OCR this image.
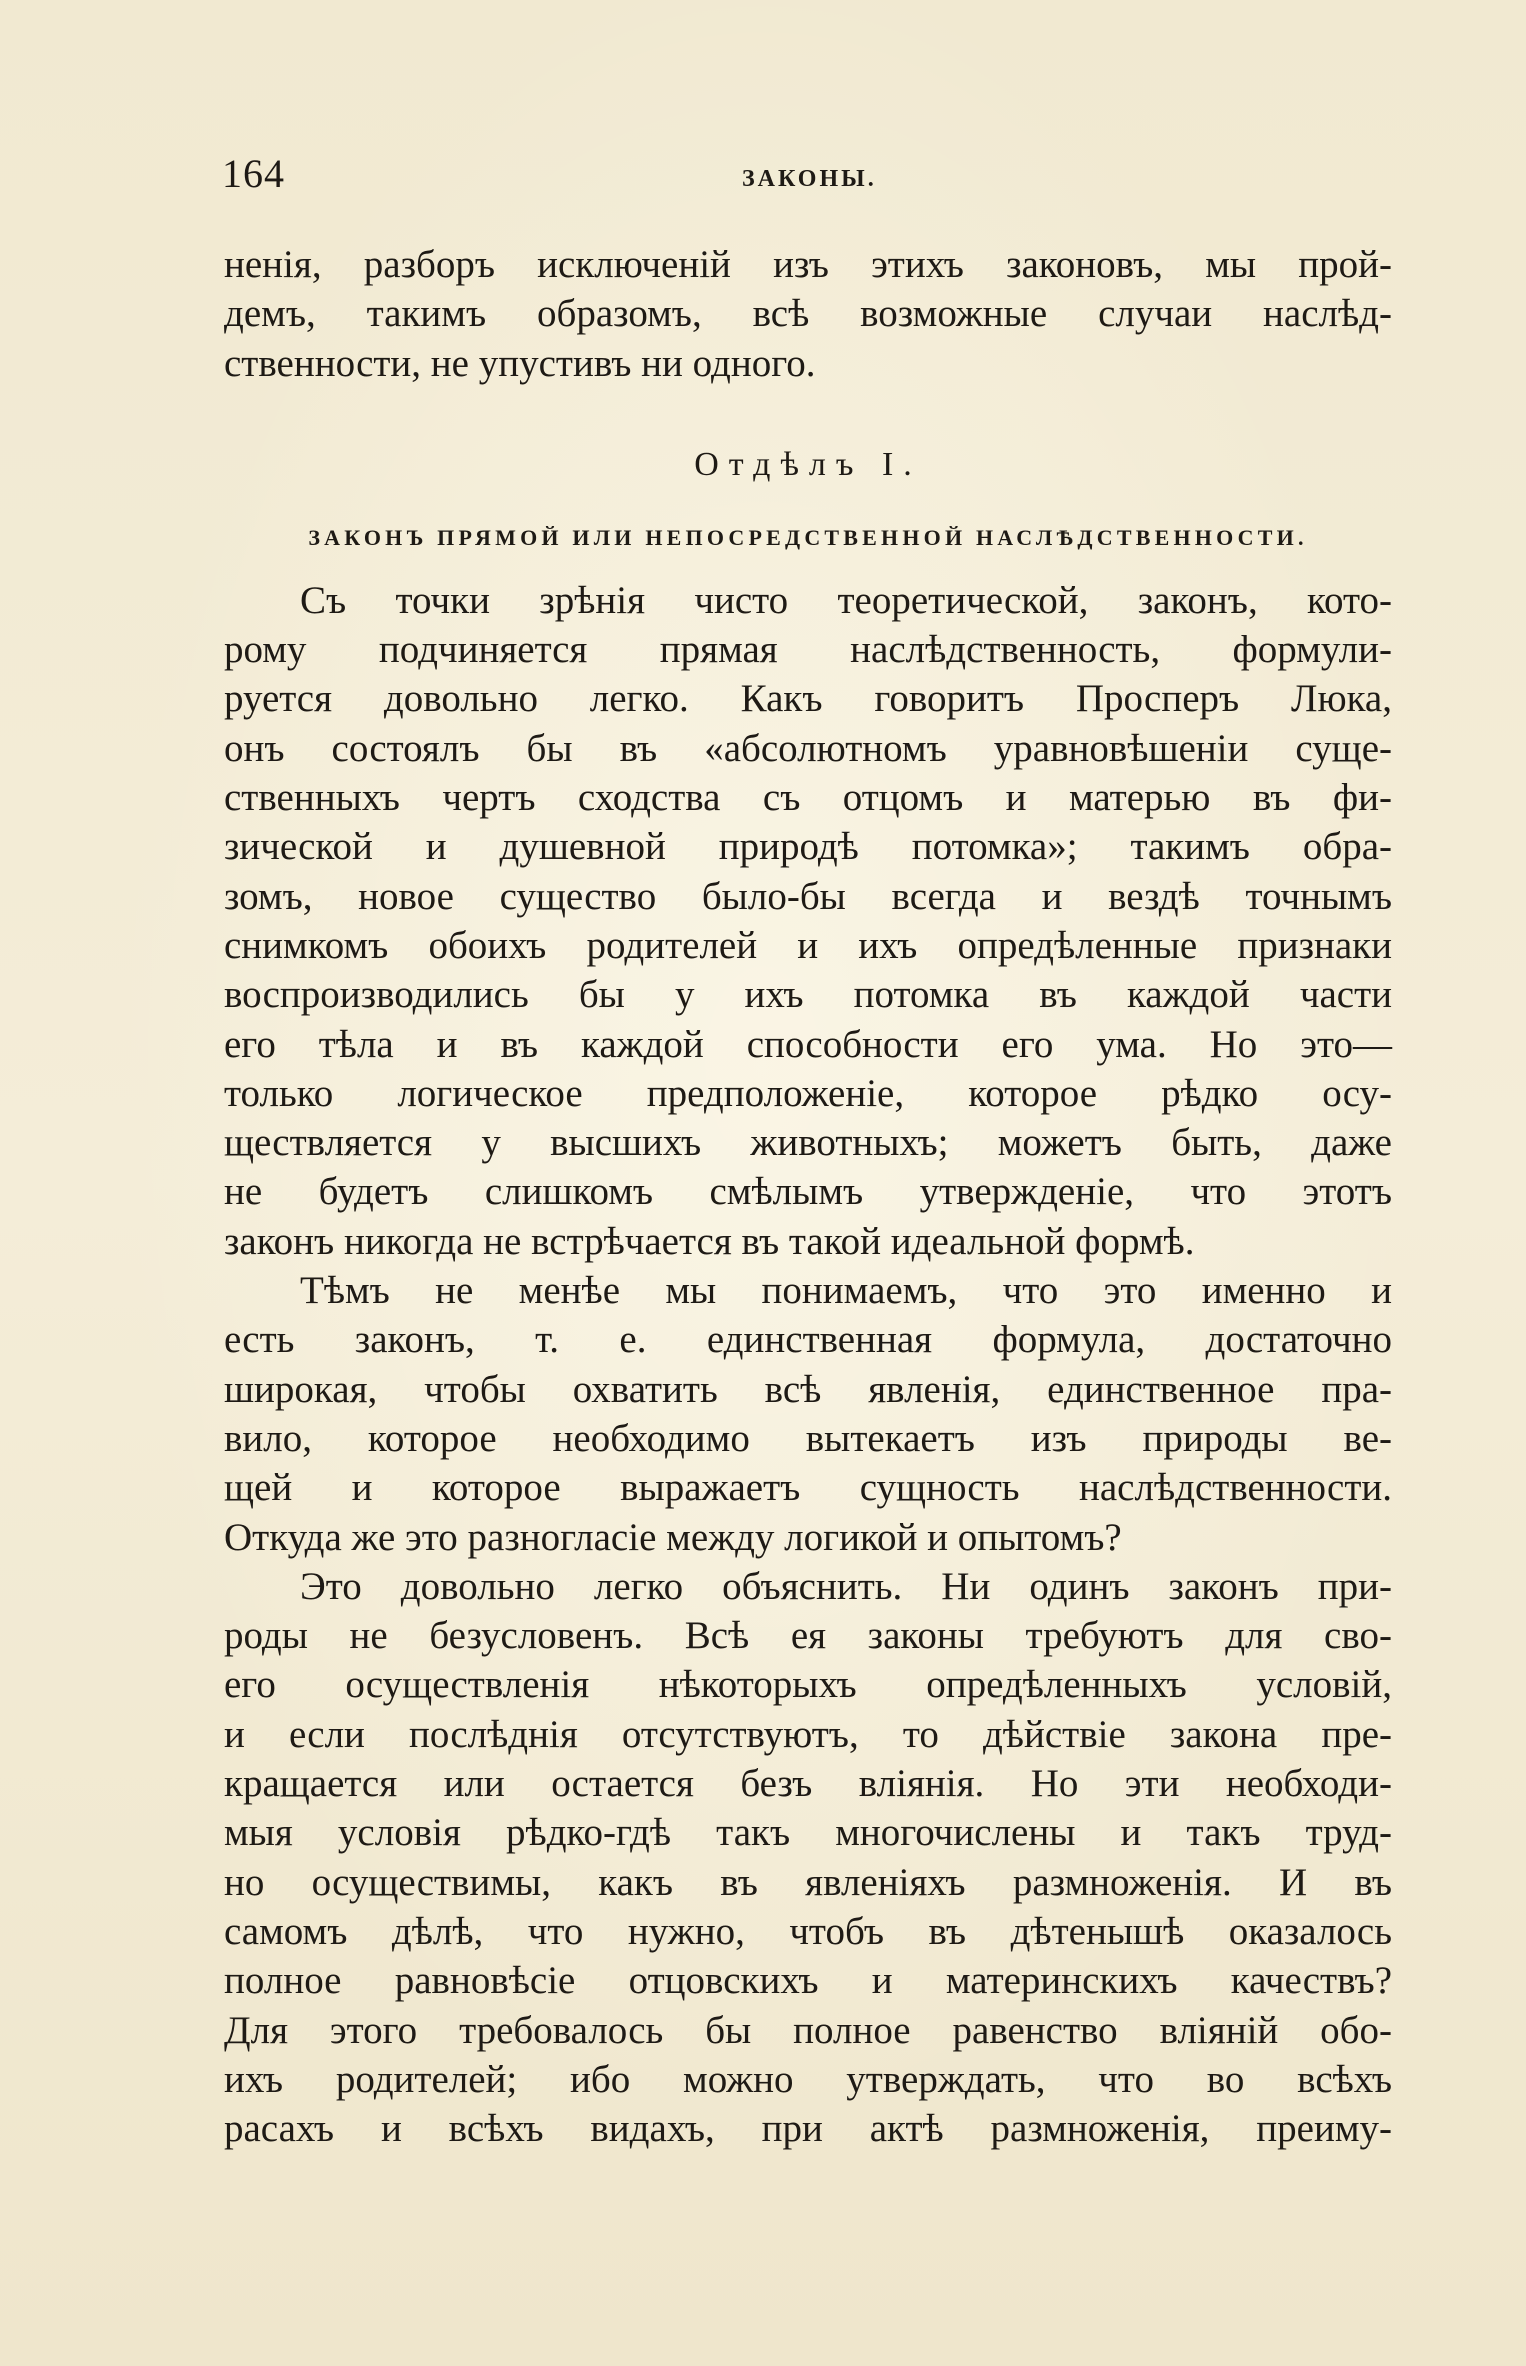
164	ЗАКОНЫ.
ненія, разборъ исключеній изъ этихъ законовъ, мы прой-
демъ, такимъ образомъ, всѣ возможные случаи наслѣд-
ственности, не упустивъ ни одного.
Отдѣлъ I.
ЗАКОНЪ ПРЯМОЙ ИЛИ НЕПОСРЕДСТВЕННОЙ НАСЛѢДСТВЕННОСТИ.
Съ точки зрѣнія чисто теоретической, законъ, кото-
рому подчиняется прямая наслѣдственность, формули-
руется довольно легко. Какъ говоритъ Просперъ Люка,
онъ состоялъ бы въ «абсолютномъ уравновѣшеніи суще-
ственныхъ чертъ сходства съ отцомъ и матерью въ фи-
зической и душевной природѣ потомка»; такимъ обра-
зомъ, новое существо было-бы всегда и вездѣ точнымъ
снимкомъ обоихъ родителей и ихъ опредѣленные признаки
воспроизводились бы у ихъ потомка въ каждой части
его тѣла и въ каждой способности его ума. Но это—
только логическое предположеніе, которое рѣдко осу-
ществляется у высшихъ животныхъ; можетъ быть, даже
не будетъ слишкомъ смѣлымъ утвержденіе, что этотъ
законъ никогда не встрѣчается въ такой идеальной формѣ.
Тѣмъ не менѣе мы понимаемъ, что это именно и
есть законъ, т. е. единственная формула, достаточно
широкая, чтобы охватить всѣ явленія, единственное пра-
вило, которое необходимо вытекаетъ изъ природы ве-
щей и которое выражаетъ сущность наслѣдственности.
Откуда же это разногласіе между логикой и опытомъ?
Это довольно легко объяснить. Ни одинъ законъ при-
роды не безусловенъ. Всѣ ея законы требуютъ для сво-
его осуществленія нѣкоторыхъ опредѣленныхъ условій,
и если послѣднія отсутствуютъ, то дѣйствіе закона пре-
кращается или остается безъ вліянія. Но эти необходи-
мыя условія рѣдко-гдѣ такъ многочислены и такъ труд-
но осуществимы, какъ въ явленіяхъ размноженія. И въ
самомъ дѣлѣ, что нужно, чтобъ въ дѣтенышѣ оказалось
полное равновѣсіе отцовскихъ и материнскихъ качествъ?
Для этого требовалось бы полное равенство вліяній обо-
ихъ родителей; ибо можно утверждать, что во всѣхъ
расахъ и всѣхъ видахъ, при актѣ размноженія, преиму-
